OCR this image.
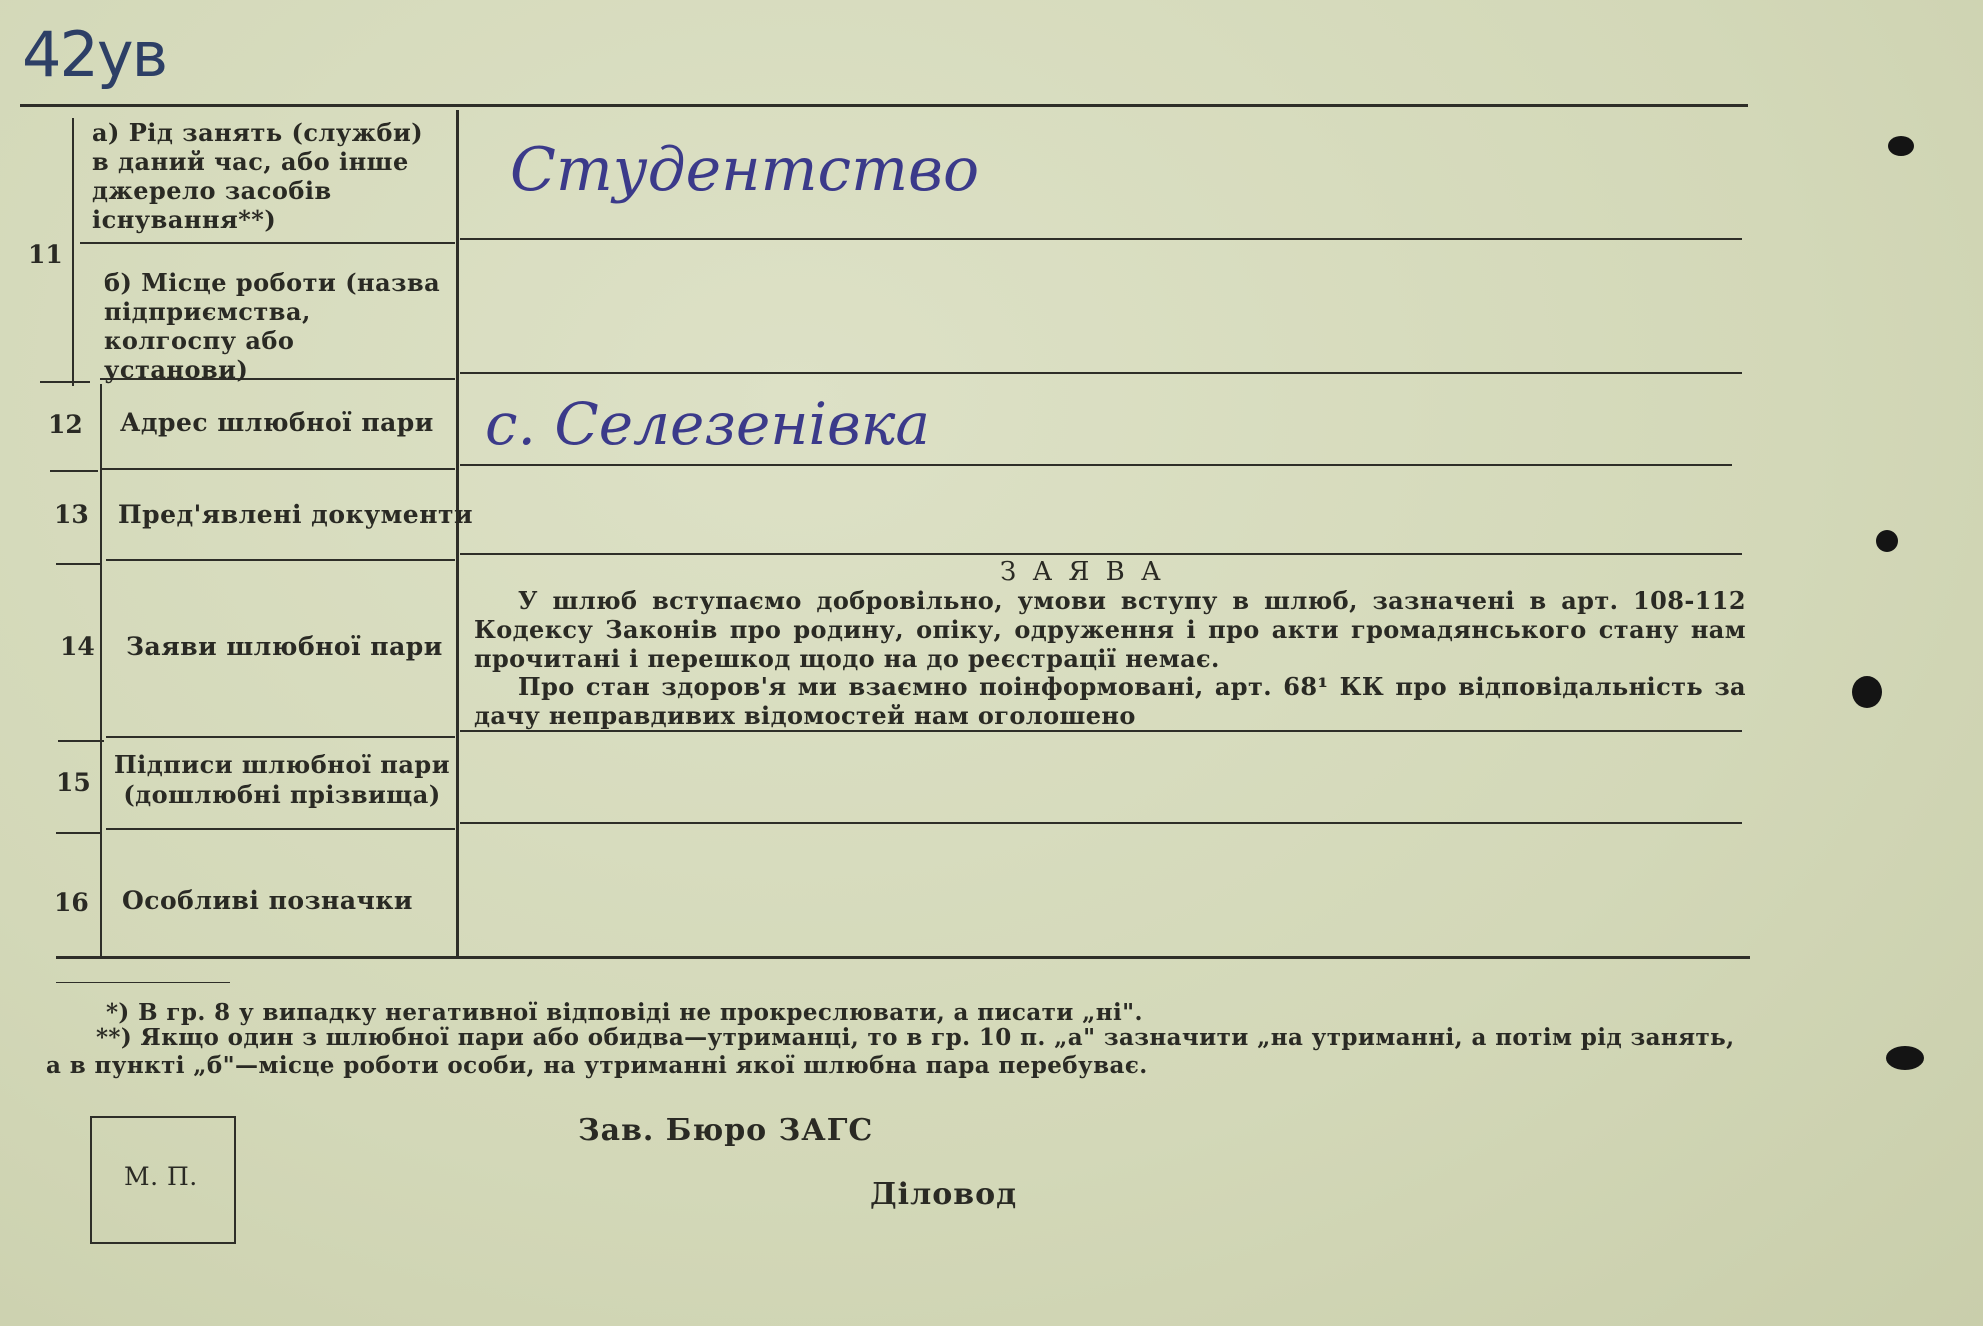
42ув
11
а) Рід занять (служби) в даний час, або інше джерело засобів існування**)
Студентство
б) Місце роботи (назва підприємства, колгоспу або установи)
12 Адрес шлюбної пари с. Селезенівка
13 Пред'явлені документи
14 Заяви шлюбної пари
З А Я В А
У шлюб вступаємо добровільно, умови вступу в шлюб, зазначені в арт. 108-112 Кодексу Законів про родину, опіку, одруження і про акти громадянського стану нам прочитані і перешкод щодо на до реєстрації немає.
Про стан здоров'я ми взаємно поінформовані, арт. 68¹ КК про відповідальність за дачу неправдивих відомостей нам оголошено
15
Підписи шлюбної пари (дошлюбні прізвища)
16 Особливі позначки
*) В гр. 8 у випадку негативної відповіді не прокреслювати, а писати „ні".
**) Якщо один з шлюбної пари або обидва—утриманці, то в гр. 10 п. „а" зазначити „на утриманні, а потім рід занять, а в пункті „б"—місце роботи особи, на утриманні якої шлюбна пара перебуває.
М. П.
Зав. Бюро ЗАГС
Діловод
